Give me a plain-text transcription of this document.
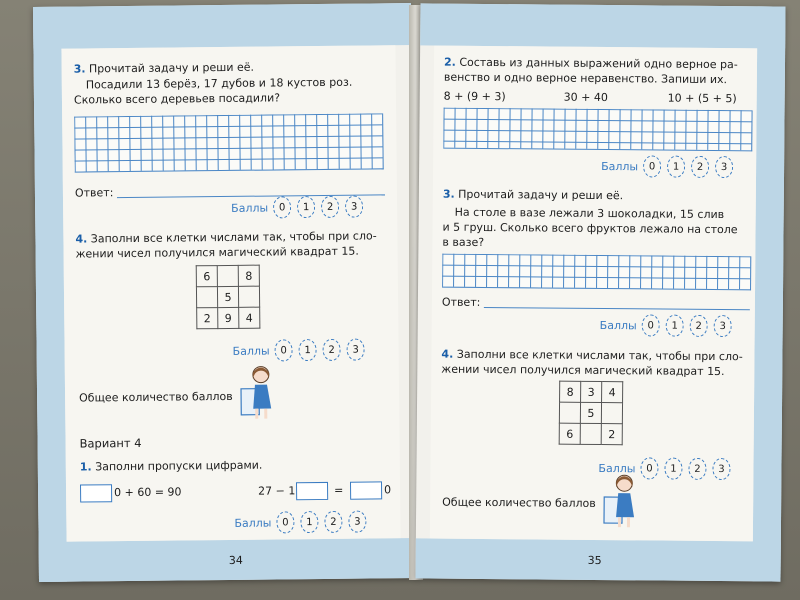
3. Прочитай задачу и реши её.
Посадили 13 берёз, 17 дубов и 18 кустов роз.
Сколько всего деревьев посадили?
Ответ:
Баллы	0	1	2	3
4. Заполни все клетки числами так, чтобы при сло-
жении чисел получился магический квадрат 15.
6		8
	5	
2	9	4
Баллы	0	1	2	3
Общее количество баллов
Вариант 4
1. Заполни пропуски цифрами.
0 + 60 = 90	27 − 1	=	0
Баллы	0	1	2	3
34
2. Составь из данных выражений одно верное ра-
венство и одно верное неравенство. Запиши их.
8 + (9 + 3)	30 + 40	10 + (5 + 5)
Баллы	0	1	2	3
3. Прочитай задачу и реши её.
На столе в вазе лежали 3 шоколадки, 15 слив
и 5 груш. Сколько всего фруктов лежало на столе
в вазе?
Ответ:
Баллы	0	1	2	3
4. Заполни все клетки числами так, чтобы при сло-
жении чисел получился магический квадрат 15.
8	3	4
	5	
6		2
Баллы	0	1	2	3
Общее количество баллов
35
